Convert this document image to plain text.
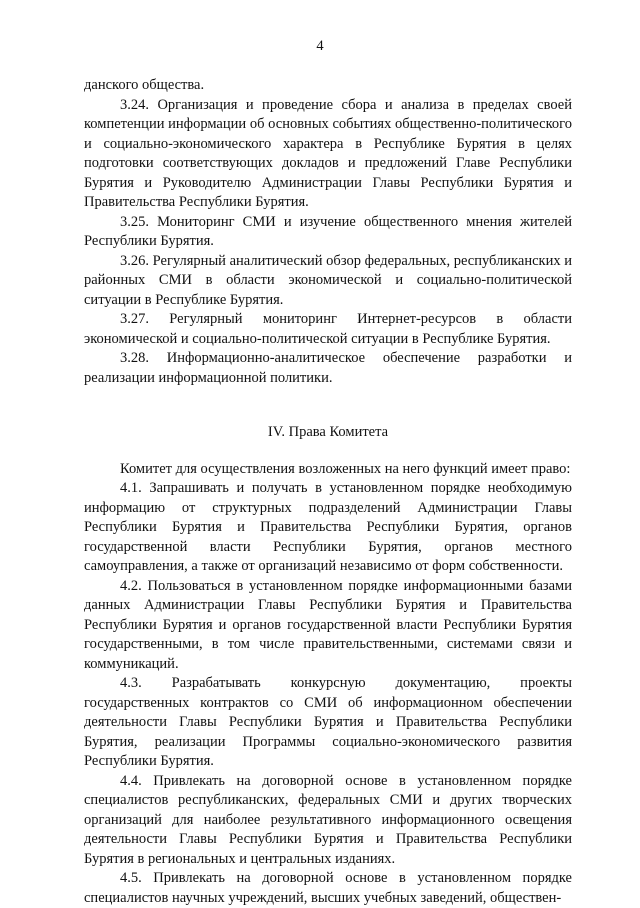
4

данского общества.

3.24. Организация и проведение сбора и анализа в пределах своей компетенции информации об основных событиях общественно-политического и социально-экономического характера в Республике Бурятия в целях подготовки соответствующих докладов и предложений Главе Республики Бурятия и Руководителю Администрации Главы Республики Бурятия и Правительства Республики Бурятия.

3.25. Мониторинг СМИ и изучение общественного мнения жителей Республики Бурятия.

3.26. Регулярный аналитический обзор федеральных, республиканских и районных СМИ в области экономической и социально-политической ситуации в Республике Бурятия.

3.27. Регулярный мониторинг Интернет-ресурсов в области экономической и социально-политической ситуации в Республике Бурятия.

3.28. Информационно-аналитическое обеспечение разработки и реализации информационной политики.

IV. Права Комитета

Комитет для осуществления возложенных на него функций имеет право:

4.1. Запрашивать и получать в установленном порядке необходимую информацию от структурных подразделений Администрации Главы Республики Бурятия и Правительства Республики Бурятия, органов государственной власти Республики Бурятия, органов местного самоуправления, а также от организаций независимо от форм собственности.

4.2. Пользоваться в установленном порядке информационными базами данных Администрации Главы Республики Бурятия и Правительства Республики Бурятия и органов государственной власти Республики Бурятия государственными, в том числе правительственными, системами связи и коммуникаций.

4.3. Разрабатывать конкурсную документацию, проекты государственных контрактов со СМИ об информационном обеспечении деятельности Главы Республики Бурятия и Правительства Республики Бурятия, реализации Программы социально-экономического развития Республики Бурятия.

4.4. Привлекать на договорной основе в установленном порядке специалистов республиканских, федеральных СМИ и других творческих организаций для наиболее результативного информационного освещения деятельности Главы Республики Бурятия и Правительства Республики Бурятия в региональных и центральных изданиях.

4.5. Привлекать на договорной основе в установленном порядке специалистов научных учреждений, высших учебных заведений, обществен-
